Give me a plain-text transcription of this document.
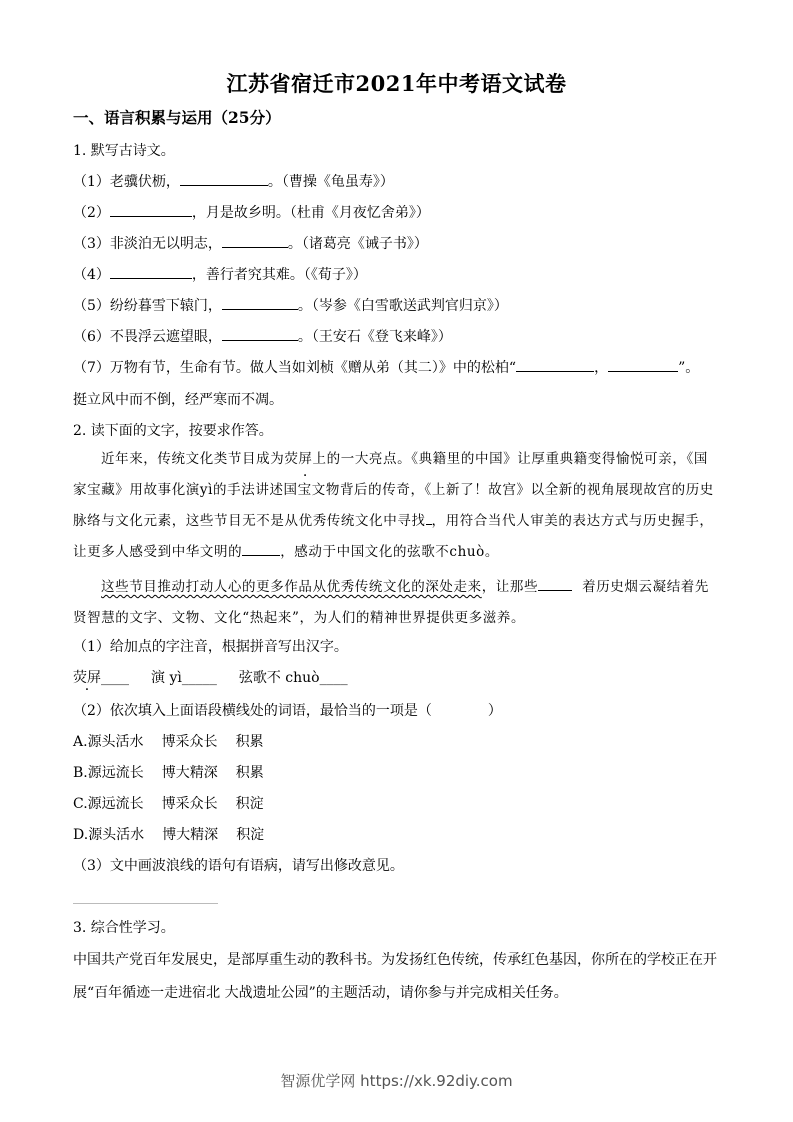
江苏省宿迁市2021年中考语文试卷
一、语言积累与运用（25分）
1. 默写古诗文。
（1）老骥伏枥，	。（曹操《龟虽寿》）
（2）	，月是故乡明。（杜甫《月夜忆舍弟》）
（3）非淡泊无以明志，	。（诸葛亮《诫子书》）
（4）	，善行者究其难。（《荀子》）
（5）纷纷暮雪下辕门，	。（岑参《白雪歌送武判官归京》）
（6）不畏浮云遮望眼，	。（王安石《登飞来峰》）
（7）万物有节，生命有节。做人当如刘桢《赠从弟（其二）》中的松柏“	，	”。
挺立风中而不倒，经严寒而不凋。
2. 读下面的文字，按要求作答。
近年来，传统文化类节目成为荧屏上的一大亮点。《典籍里的中国》让厚重典籍变得愉悦可亲，《国家宝藏》用故事化演yì的手法讲述国宝文物背后的传奇，《上新了！故宫》以全新的视角展现故宫的历史脉络与文化元素，这些节目无不是从优秀传统文化中寻找 ，用符合当代人审美的表达方式与历史握手，让更多人感受到中华文明的	，感动于中国文化的弦歌不chuò。
这些节目推动打动人心的更多作品从优秀传统文化的深处走来，让那些	着历史烟云凝结着先贤智慧的文字、文物、文化“热起来”，为人们的精神世界提供更多滋养。
（1）给加点的字注音，根据拼音写出汉字。
荧屏____ 演 yì_____ 弦歌不 chuò____
（2）依次填入上面语段横线处的词语，最恰当的一项是（　　　　）
A.源头活水 博采众长 积累
B.源远流长 博大精深 积累
C.源远流长 博采众长 积淀
D.源头活水 博大精深 积淀
（3）文中画波浪线的语句有语病，请写出修改意见。
3. 综合性学习。
中国共产党百年发展史，是部厚重生动的教科书。为发扬红色传统，传承红色基因，你所在的学校正在开
展“百年循迹一走进宿北 大战遗址公园”的主题活动，请你参与并完成相关任务。
智源优学网 https://xk.92diy.com
